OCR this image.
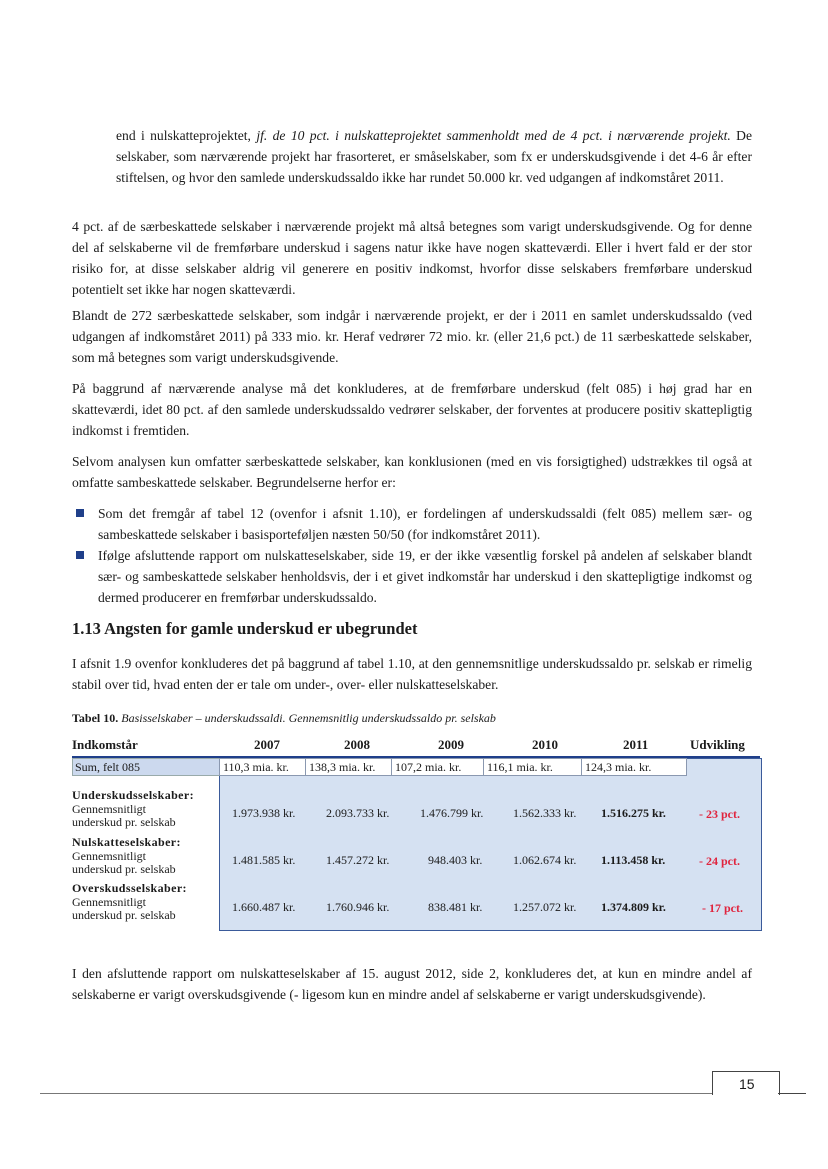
end i nulskatteprojektet, jf. de 10 pct. i nulskatteprojektet sammenholdt med de 4 pct. i nærværende projekt. De selskaber, som nærværende projekt har frasorteret, er småselskaber, som fx er underskudsgivende i det 4-6 år efter stiftelsen, og hvor den samlede underskudssaldo ikke har rundet 50.000 kr. ved udgangen af indkomståret 2011.

4 pct. af de særbeskattede selskaber i nærværende projekt må altså betegnes som varigt underskudsgivende. Og for denne del af selskaberne vil de fremførbare underskud i sagens natur ikke have nogen skatteværdi. Eller i hvert fald er der stor risiko for, at disse selskaber aldrig vil generere en positiv indkomst, hvorfor disse selskabers fremførbare underskud potentielt set ikke har nogen skatteværdi.

Blandt de 272 særbeskattede selskaber, som indgår i nærværende projekt, er der i 2011 en samlet underskudssaldo (ved udgangen af indkomståret 2011) på 333 mio. kr. Heraf vedrører 72 mio. kr. (eller 21,6 pct.) de 11 særbeskattede selskaber, som må betegnes som varigt underskudsgivende.

På baggrund af nærværende analyse må det konkluderes, at de fremførbare underskud (felt 085) i høj grad har en skatteværdi, idet 80 pct. af den samlede underskudssaldo vedrører selskaber, der forventes at producere positiv skattepligtig indkomst i fremtiden.

Selvom analysen kun omfatter særbeskattede selskaber, kan konklusionen (med en vis forsigtighed) udstrækkes til også at omfatte sambeskattede selskaber. Begrundelserne herfor er:

Som det fremgår af tabel 12 (ovenfor i afsnit 1.10), er fordelingen af underskudssaldi (felt 085) mellem sær- og sambeskattede selskaber i basisporteføljen næsten 50/50 (for indkomståret 2011).
Ifølge afsluttende rapport om nulskatteselskaber, side 19, er der ikke væsentlig forskel på andelen af selskaber blandt sær- og sambeskattede selskaber henholdsvis, der i et givet indkomstår har underskud i den skattepligtige indkomst og dermed producerer en fremførbar underskudssaldo.
1.13 Angsten for gamle underskud er ubegrundet

I afsnit 1.9 ovenfor konkluderes det på baggrund af tabel 1.10, at den gennemsnitlige underskudssaldo pr. selskab er rimelig stabil over tid, hvad enten der er tale om under-, over- eller nulskatteselskaber.

Tabel 10. Basisselskaber – underskudssaldi. Gennemsnitlig underskudssaldo pr. selskab
Indkomstår	2007	2008	2009	2010	2011	Udvikling
Sum, felt 085	110,3 mia. kr.	138,3 mia. kr.	107,2 mia. kr.	116,1 mia. kr.	124,3 mia. kr.
Underskudsselskaber:
Gennemsnitligt
underskud pr. selskab
1.973.938 kr.	2.093.733 kr.	1.476.799 kr. 1.562.333 kr. 1.516.275 kr.	- 23 pct.
Nulskatteselskaber:
Gennemsnitligt
underskud pr. selskab
1.481.585 kr.	1.457.272 kr.	948.403 kr.	1.062.674 kr. 1.113.458 kr.	- 24 pct.
Overskudsselskaber:
Gennemsnitligt
underskud pr. selskab
1.660.487 kr.	1.760.946 kr.	838.481 kr.	1.257.072 kr. 1.374.809 kr.	- 17 pct.

I den afsluttende rapport om nulskatteselskaber af 15. august 2012, side 2, konkluderes det, at kun en mindre andel af selskaberne er varigt overskudsgivende (- ligesom kun en mindre andel af selskaberne er varigt underskudsgivende).

15
